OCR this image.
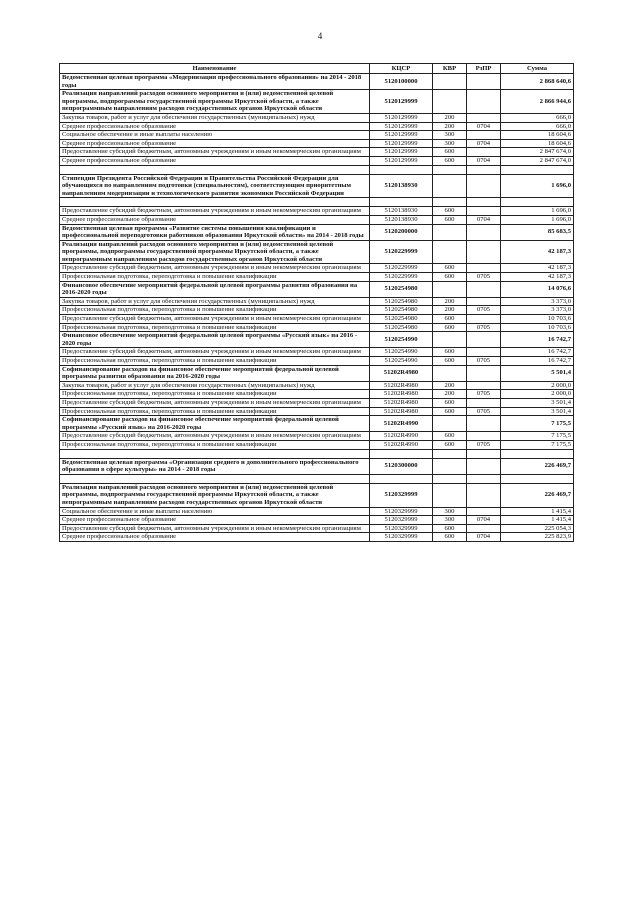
4
Наименование	КЦСР	КВР	РзПР	Сумма
Ведомственная целевая программа «Модернизация профессионального образования» на 2014 - 2018 годы	5120100000			2 868 640,6
Реализация направлений расходов основного мероприятия и (или) ведомственной целевой программы, подпрограммы государственной программы Иркутской области, а также непрограммным направлениям расходов государственных органов Иркутской области	5120129999			2 866 944,6
Закупка товаров, работ и услуг для обеспечения государственных (муниципальных) нужд	5120129999	200		666,0
Среднее профессиональное образование	5120129999	200	0704	666,0
Социальное обеспечение и иные выплаты населению	5120129999	300		18 604,6
Среднее профессиональное образование	5120129999	300	0704	18 604,6
Предоставление субсидий бюджетным, автономным учреждениям и иным некоммерческим организациям	5120129999	600		2 847 674,0
Среднее профессиональное образование	5120129999	600	0704	2 847 674,0

Стипендии Президента Российской Федерации и Правительства Российской Федерации для обучающихся по направлениям подготовки (специальностям), соответствующим приоритетным направлениям модернизации и технологического развития экономики Российской Федерации	5120138930			1 696,0

Предоставление субсидий бюджетным, автономным учреждениям и иным некоммерческим организациям	5120138930	600		1 696,0
Среднее профессиональное образование	5120138930	600	0704	1 696,0
Ведомственная целевая программа «Развитие системы повышения квалификации и профессиональной переподготовки работников образования Иркутской области» на 2014 - 2018 годы	5120200000			85 683,5
Реализация направлений расходов основного мероприятия и (или) ведомственной целевой программы, подпрограммы государственной программы Иркутской области, а также непрограммным направлениям расходов государственных органов Иркутской области	5120229999			42 187,3
Предоставление субсидий бюджетным, автономным учреждениям и иным некоммерческим организациям	5120229999	600		42 187,3
Профессиональная подготовка, переподготовка и повышение квалификации	5120229999	600	0705	42 187,3
Финансовое обеспечение мероприятий федеральной целевой программы развития образования на 2016-2020 годы	5120254980			14 076,6
Закупка товаров, работ и услуг для обеспечения государственных (муниципальных) нужд	5120254980	200		3 373,0
Профессиональная подготовка, переподготовка и повышение квалификации	5120254980	200	0705	3 373,0
Предоставление субсидий бюджетным, автономным учреждениям и иным некоммерческим организациям	5120254980	600		10 703,6
Профессиональная подготовка, переподготовка и повышение квалификации	5120254980	600	0705	10 703,6
Финансовое обеспечение мероприятий федеральной целевой программы «Русский язык» на 2016 - 2020 годы	5120254990			16 742,7
Предоставление субсидий бюджетным, автономным учреждениям и иным некоммерческим организациям	5120254990	600		16 742,7
Профессиональная подготовка, переподготовка и повышение квалификации	5120254990	600	0705	16 742,7
Софинансирование расходов на финансовое обеспечение мероприятий федеральной целевой программы развития образования на 2016-2020 годы	51202R4980			5 501,4
Закупка товаров, работ и услуг для обеспечения государственных (муниципальных) нужд	51202R4980	200		2 000,0
Профессиональная подготовка, переподготовка и повышение квалификации	51202R4980	200	0705	2 000,0
Предоставление субсидий бюджетным, автономным учреждениям и иным некоммерческим организациям	51202R4980	600		3 501,4
Профессиональная подготовка, переподготовка и повышение квалификации	51202R4980	600	0705	3 501,4
Софинансирование расходов на финансовое обеспечение мероприятий федеральной целевой программы «Русский язык» на 2016-2020 годы	51202R4990			7 175,5
Предоставление субсидий бюджетным, автономным учреждениям и иным некоммерческим организациям	51202R4990	600		7 175,5
Профессиональная подготовка, переподготовка и повышение квалификации	51202R4990	600	0705	7 175,5

Ведомственная целевая программа «Организация среднего и дополнительного профессионального образования в сфере культуры» на 2014 - 2018 годы	5120300000			226 469,7

Реализация направлений расходов основного мероприятия и (или) ведомственной целевой программы, подпрограммы государственной программы Иркутской области, а также непрограммным направлениям расходов государственных органов Иркутской области	5120329999			226 469,7
Социальное обеспечение и иные выплаты населению	5120329999	300		1 415,4
Среднее профессиональное образование	5120329999	300	0704	1 415,4
Предоставление субсидий бюджетным, автономным учреждениям и иным некоммерческим организациям	5120329999	600		225 054,3
Среднее профессиональное образование	5120329999	600	0704	225 823,9
